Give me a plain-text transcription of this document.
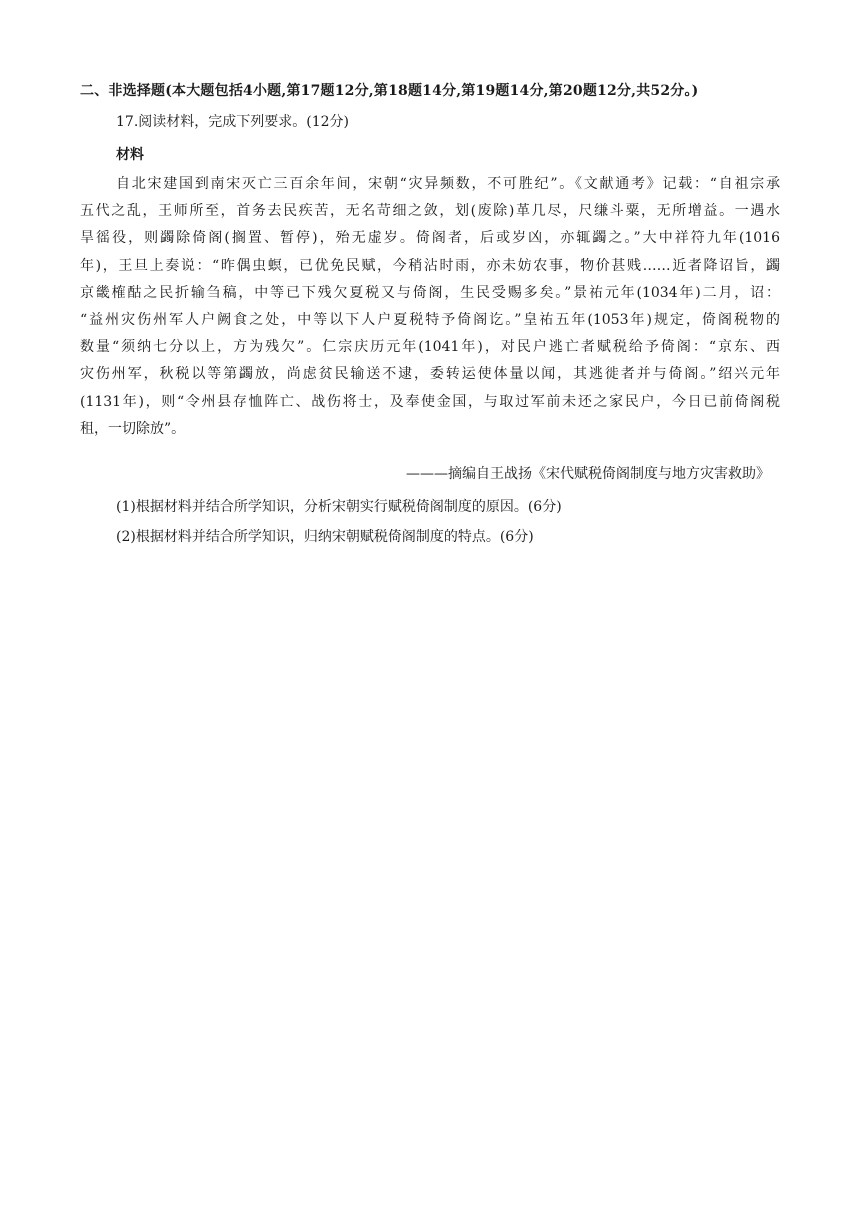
二、非选择题(本大题包括4小题,第17题12分,第18题14分,第19题14分,第20题12分,共52分。)
17.阅读材料，完成下列要求。(12分)
材料
自北宋建国到南宋灭亡三百余年间，宋朝“灾异频数，不可胜纪”。《文献通考》记载：“自祖宗承
五代之乱，王师所至，首务去民疾苦，无名苛细之敛，划(废除)革几尽，尺缣斗粟，无所增益。一遇水
旱徭役，则蠲除倚阁(搁置、暂停)，殆无虚岁。倚阁者，后或岁凶，亦辄蠲之。”大中祥符九年(1016
年)，王旦上奏说：“昨偶虫螟，已优免民赋，今稍沾时雨，亦未妨农事，物价甚贱……近者降诏旨，蠲
京畿榷酤之民折输刍稿，中等已下残欠夏税又与倚阁，生民受赐多矣。”景祐元年(1034年)二月，诏：
“益州灾伤州军人户阙食之处，中等以下人户夏税特予倚阁讫。”皇祐五年(1053年)规定，倚阁税物的
数量“须纳七分以上，方为残欠”。仁宗庆历元年(1041年)，对民户逃亡者赋税给予倚阁：“京东、西
灾伤州军，秋税以等第蠲放，尚虑贫民输送不逮，委转运使体量以闻，其逃徙者并与倚阁。”绍兴元年
(1131年)，则“令州县存恤阵亡、战伤将士，及奉使金国，与取过军前未还之家民户，今日已前倚阁税
租，一切除放”。
———摘编自王战扬《宋代赋税倚阁制度与地方灾害救助》
(1)根据材料并结合所学知识，分析宋朝实行赋税倚阁制度的原因。(6分)
(2)根据材料并结合所学知识，归纳宋朝赋税倚阁制度的特点。(6分)
